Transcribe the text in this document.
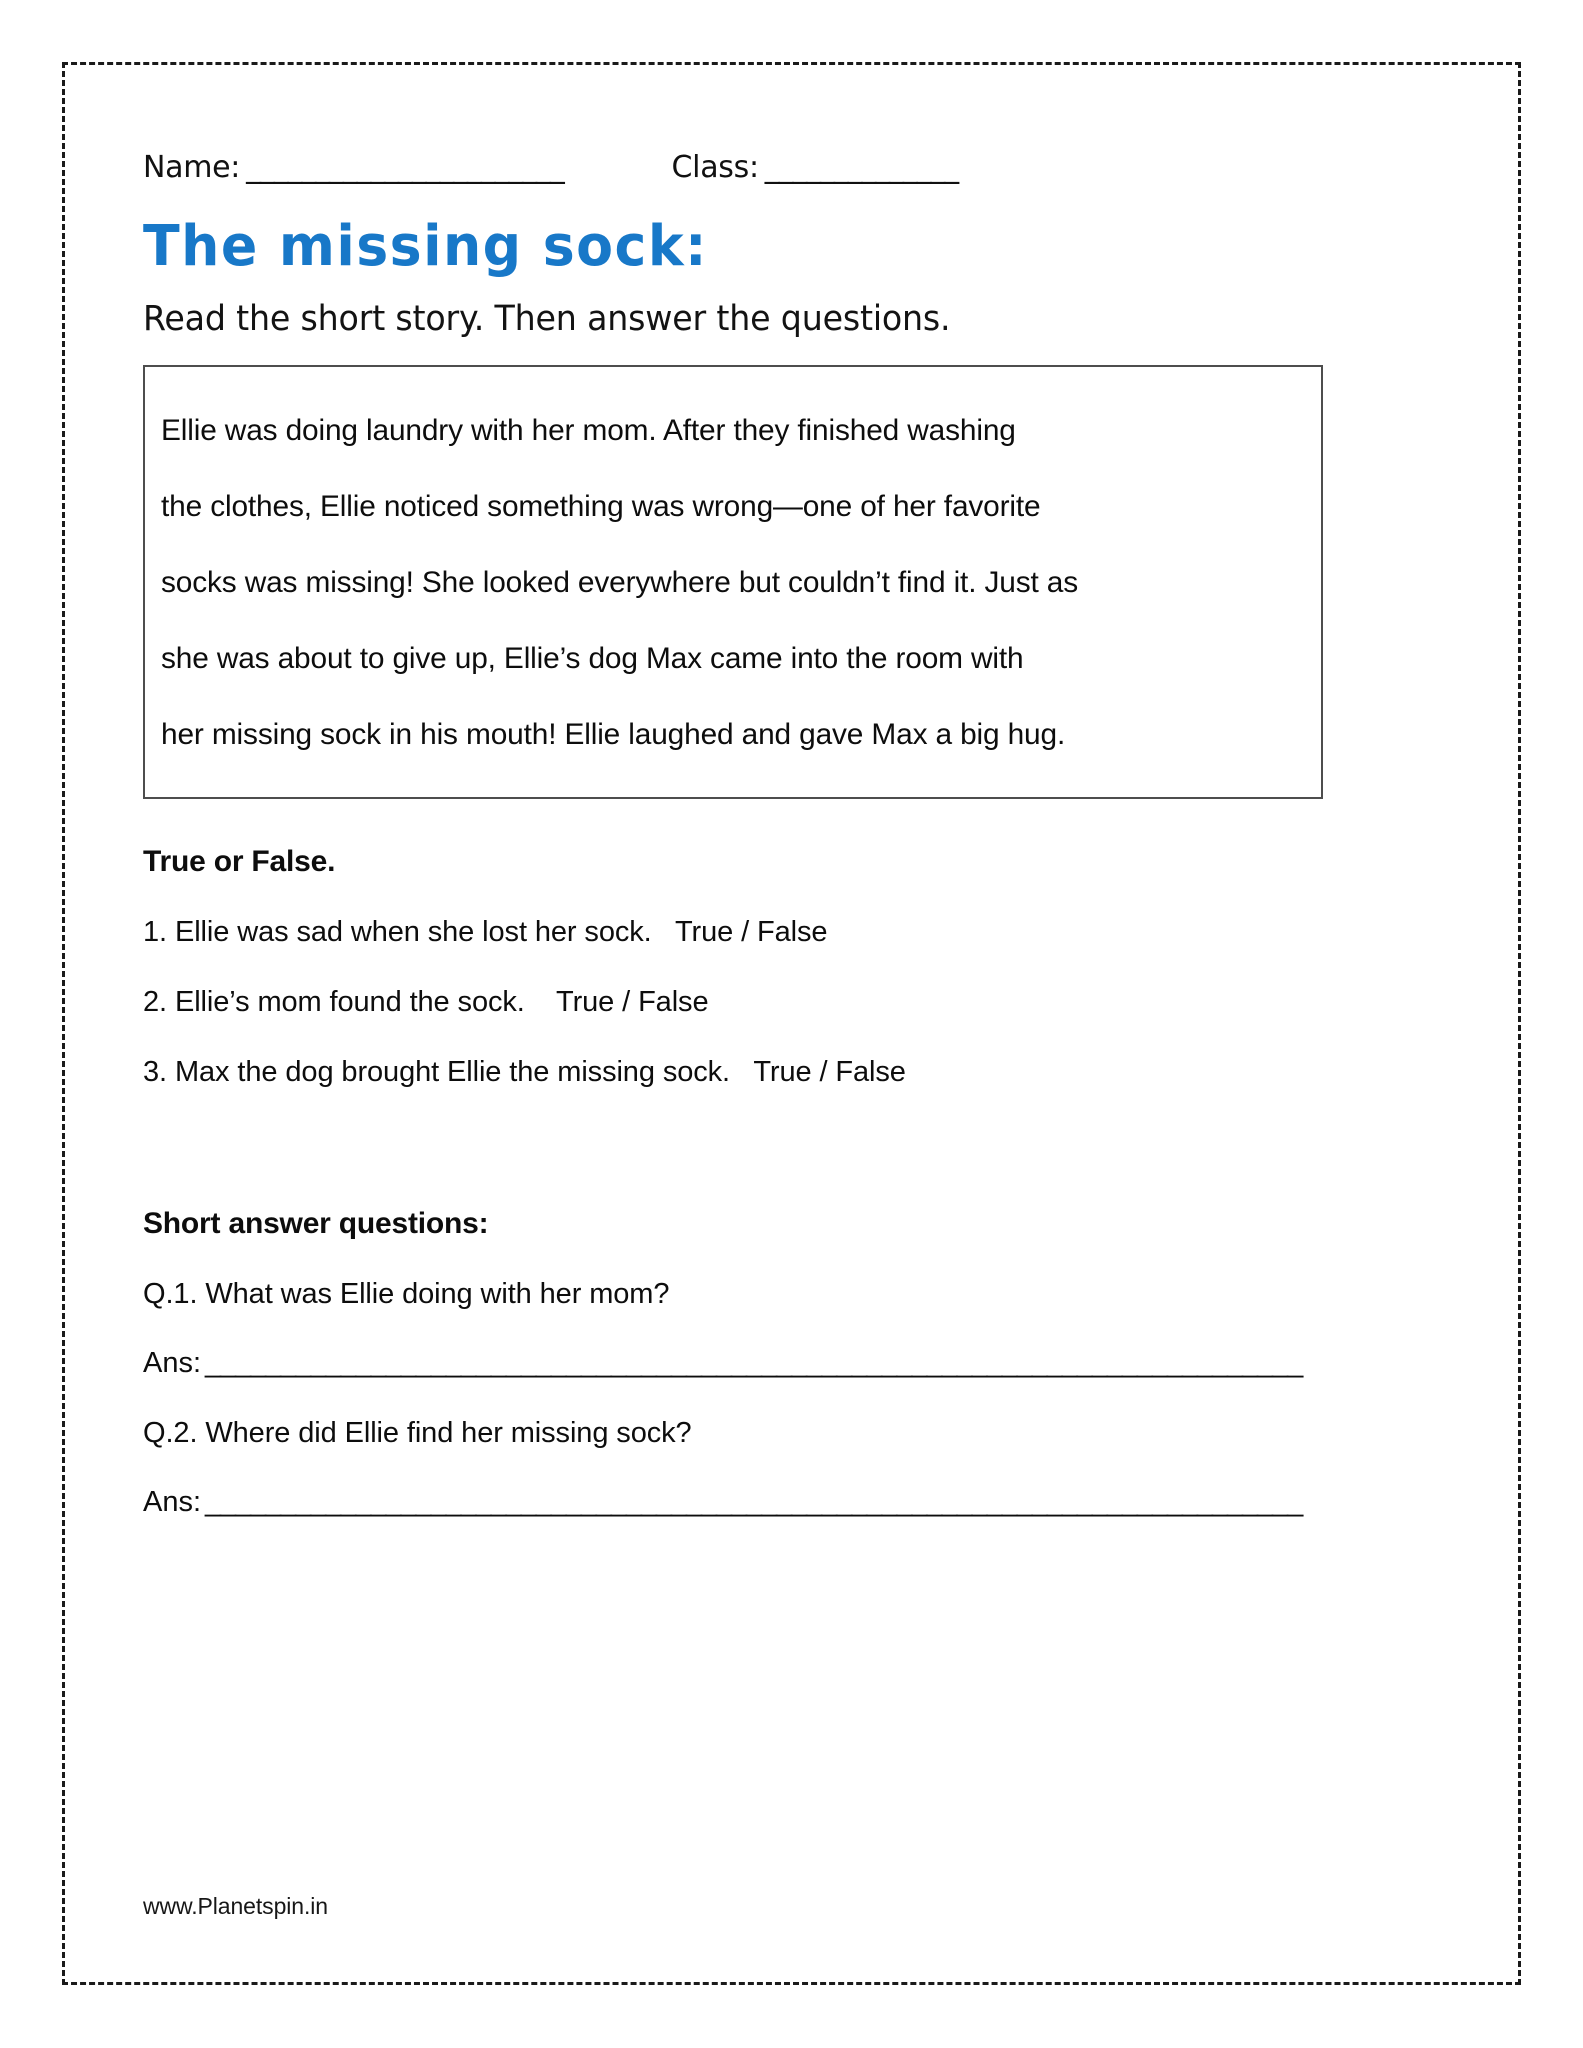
Name: _______________________	Class: ______________
The missing sock:
Read the short story. Then answer the questions.
Ellie was doing laundry with her mom. After they finished washing
the clothes, Ellie noticed something was wrong—one of her favorite
socks was missing! She looked everywhere but couldn’t find it. Just as
she was about to give up, Ellie’s dog Max came into the room with
her missing sock in his mouth! Ellie laughed and gave Max a big hug.
True or False.
1. Ellie was sad when she lost her sock. True / False
2. Ellie’s mom found the sock. True / False
3. Max the dog brought Ellie the missing sock. True / False
Short answer questions:
Q.1. What was Ellie doing with her mom?
Ans: _________________________________________________________________________
Q.2. Where did Ellie find her missing sock?
Ans: _________________________________________________________________________
www.Planetspin.in
